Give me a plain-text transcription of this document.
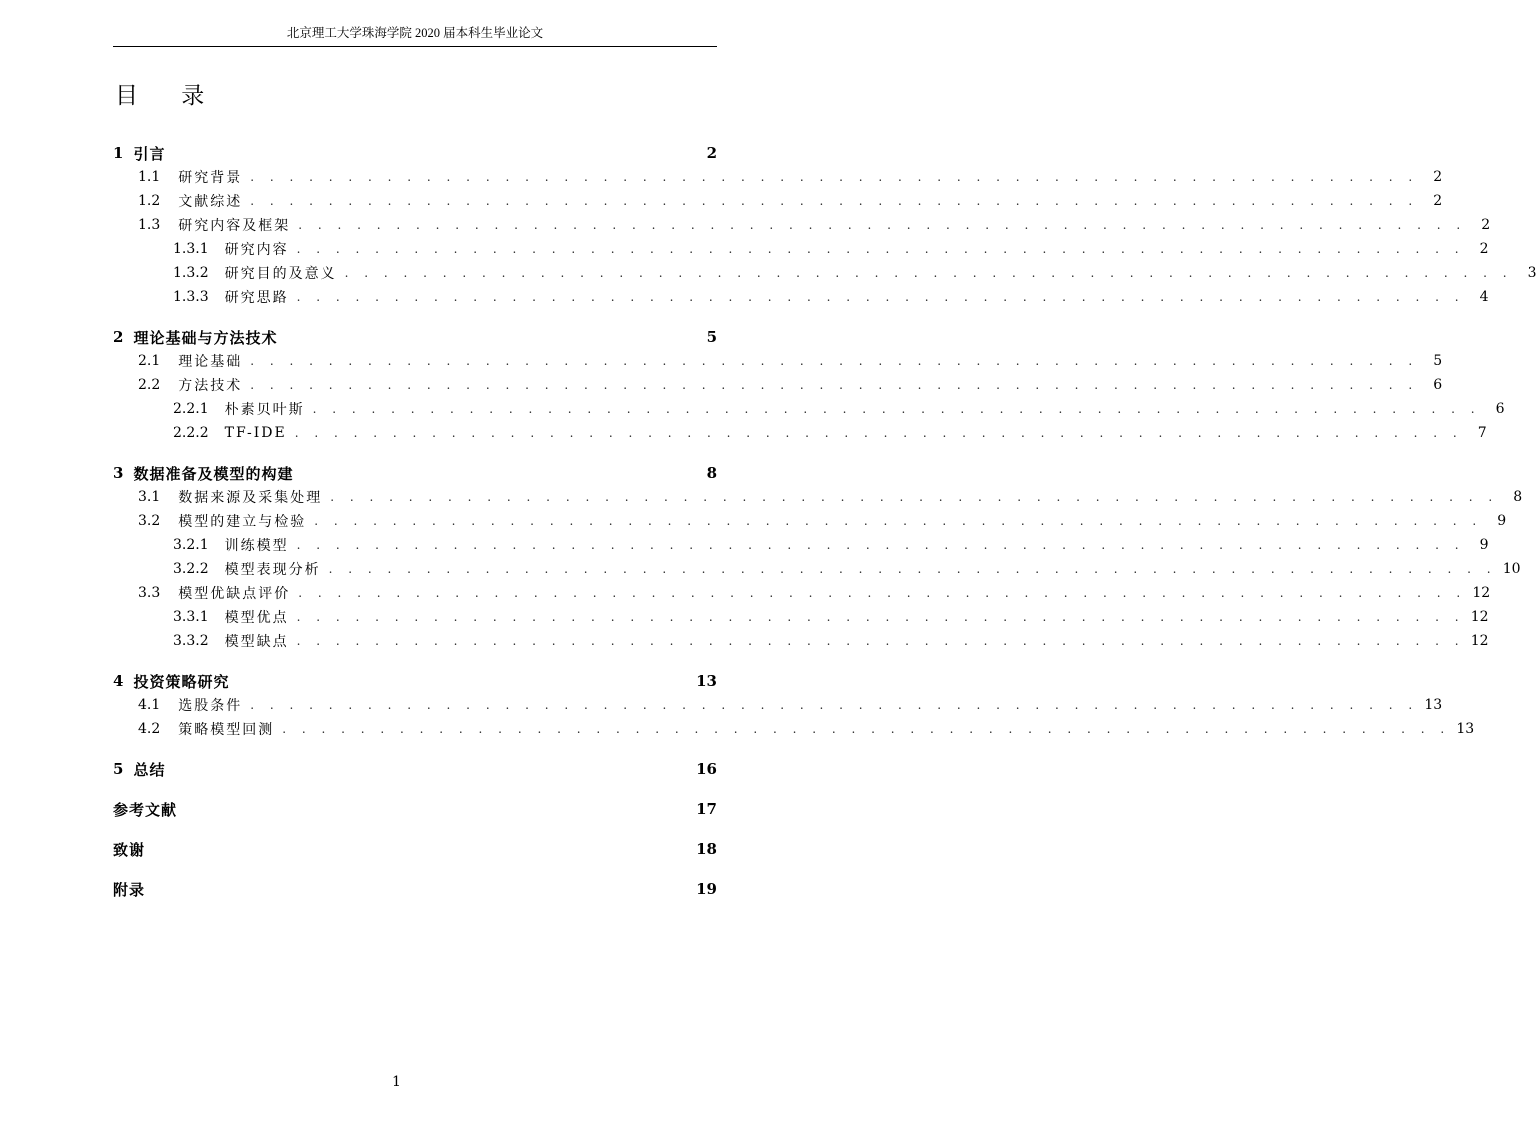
北京理工大学珠海学院 2020 届本科生毕业论文
目 录
1 引言	2
1.1 研究背景 . . . . . . . . . . . . . . . . . . . . . . . . . . . . . . . . . . . . . . . . . . . . . . . . . . . . . . . . . . . .	2
1.2 文献综述 . . . . . . . . . . . . . . . . . . . . . . . . . . . . . . . . . . . . . . . . . . . . . . . . . . . . . . . . . . . .	2
1.3 研究内容及框架 . . . . . . . . . . . . . . . . . . . . . . . . . . . . . . . . . . . . . . . . . . . . . . . . . . . . . . . . . . . .	2
1.3.1 研究内容 . . . . . . . . . . . . . . . . . . . . . . . . . . . . . . . . . . . . . . . . . . . . . . . . . . . . . . . . . . . .	2
1.3.2 研究目的及意义 . . . . . . . . . . . . . . . . . . . . . . . . . . . . . . . . . . . . . . . . . . . . . . . . . . . . . . . . . . . .	3
1.3.3 研究思路 . . . . . . . . . . . . . . . . . . . . . . . . . . . . . . . . . . . . . . . . . . . . . . . . . . . . . . . . . . . .	4
2 理论基础与方法技术	5
2.1 理论基础 . . . . . . . . . . . . . . . . . . . . . . . . . . . . . . . . . . . . . . . . . . . . . . . . . . . . . . . . . . . .	5
2.2 方法技术 . . . . . . . . . . . . . . . . . . . . . . . . . . . . . . . . . . . . . . . . . . . . . . . . . . . . . . . . . . . .	6
2.2.1 朴素贝叶斯 . . . . . . . . . . . . . . . . . . . . . . . . . . . . . . . . . . . . . . . . . . . . . . . . . . . . . . . . . . . .	6
2.2.2 TF-IDE . . . . . . . . . . . . . . . . . . . . . . . . . . . . . . . . . . . . . . . . . . . . . . . . . . . . . . . . . . . .	7
3 数据准备及模型的构建	8
3.1 数据来源及采集处理 . . . . . . . . . . . . . . . . . . . . . . . . . . . . . . . . . . . . . . . . . . . . . . . . . . . . . . . . . . . .	8
3.2 模型的建立与检验 . . . . . . . . . . . . . . . . . . . . . . . . . . . . . . . . . . . . . . . . . . . . . . . . . . . . . . . . . . . .	9
3.2.1 训练模型 . . . . . . . . . . . . . . . . . . . . . . . . . . . . . . . . . . . . . . . . . . . . . . . . . . . . . . . . . . . .	9
3.2.2 模型表现分析 . . . . . . . . . . . . . . . . . . . . . . . . . . . . . . . . . . . . . . . . . . . . . . . . . . . . . . . . . . . . 10
3.3 模型优缺点评价 . . . . . . . . . . . . . . . . . . . . . . . . . . . . . . . . . . . . . . . . . . . . . . . . . . . . . . . . . . . . 12
3.3.1 模型优点 . . . . . . . . . . . . . . . . . . . . . . . . . . . . . . . . . . . . . . . . . . . . . . . . . . . . . . . . . . . . 12
3.3.2 模型缺点 . . . . . . . . . . . . . . . . . . . . . . . . . . . . . . . . . . . . . . . . . . . . . . . . . . . . . . . . . . . . 12
4 投资策略研究	13
4.1 选股条件 . . . . . . . . . . . . . . . . . . . . . . . . . . . . . . . . . . . . . . . . . . . . . . . . . . . . . . . . . . . . 13
4.2 策略模型回测 . . . . . . . . . . . . . . . . . . . . . . . . . . . . . . . . . . . . . . . . . . . . . . . . . . . . . . . . . . . . 13
5 总结	16
参考文献	17
致谢	18
附录	19
1
